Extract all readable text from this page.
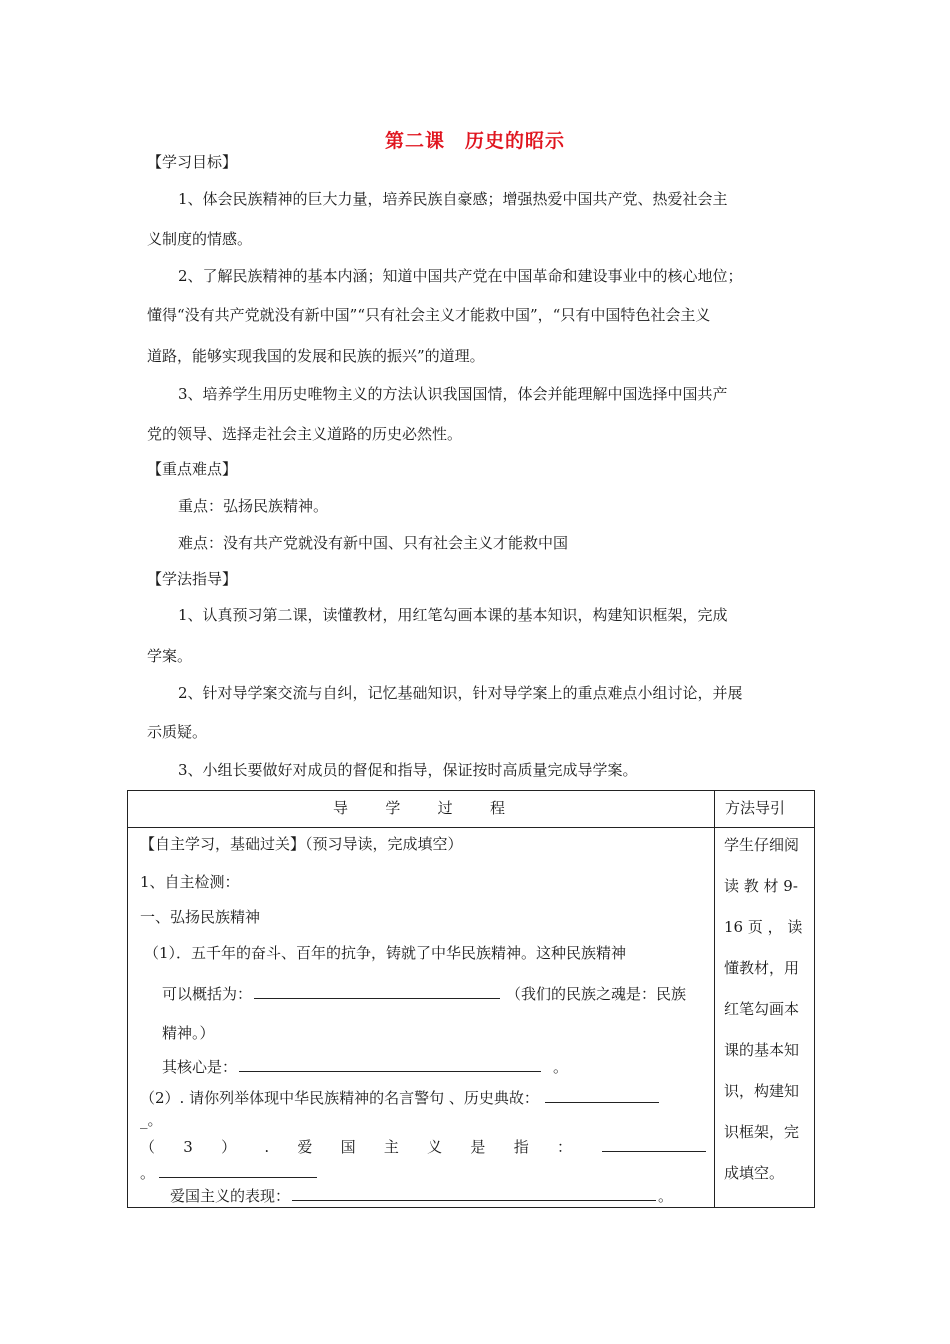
第二课　历史的昭示
【学习目标】
1、体会民族精神的巨大力量，培养民族自豪感；增强热爱中国共产党、热爱社会主
义制度的情感。
2、了解民族精神的基本内涵；知道中国共产党在中国革命和建设事业中的核心地位；
懂得“没有共产党就没有新中国”“只有社会主义才能救中国”，“只有中国特色社会主义
道路，能够实现我国的发展和民族的振兴”的道理。
3、培养学生用历史唯物主义的方法认识我国国情，体会并能理解中国选择中国共产
党的领导、选择走社会主义道路的历史必然性。
【重点难点】
重点：弘扬民族精神。
难点：没有共产党就没有新中国、只有社会主义才能救中国
【学法指导】
1、认真预习第二课，读懂教材，用红笔勾画本课的基本知识，构建知识框架，完成
学案。
2、针对导学案交流与自纠，记忆基础知识，针对导学案上的重点难点小组讨论，并展
示质疑。
3、小组长要做好对成员的督促和指导，保证按时高质量完成导学案。
导 学 过 程	方法导引
【自主学习，基础过关】（预习导读，完成填空）
1、自主检测：
一、弘扬民族精神
（1）．五千年的奋斗、百年的抗争，铸就了中华民族精神。这种民族精神
可以概括为：	（我们的民族之魂是：民族
精神。）
其核心是：	。
（2）. 请你列举体现中华民族精神的名言警句 、历史典故：
_。
（ 3 ） . 爱 国 主 义 是 指 ：
。
爱国主义的表现：	。
学生仔细阅
读 教 材 9-
16 页 ， 读
懂教材，用
红笔勾画本
课的基本知
识，构建知
识框架，完
成填空。
